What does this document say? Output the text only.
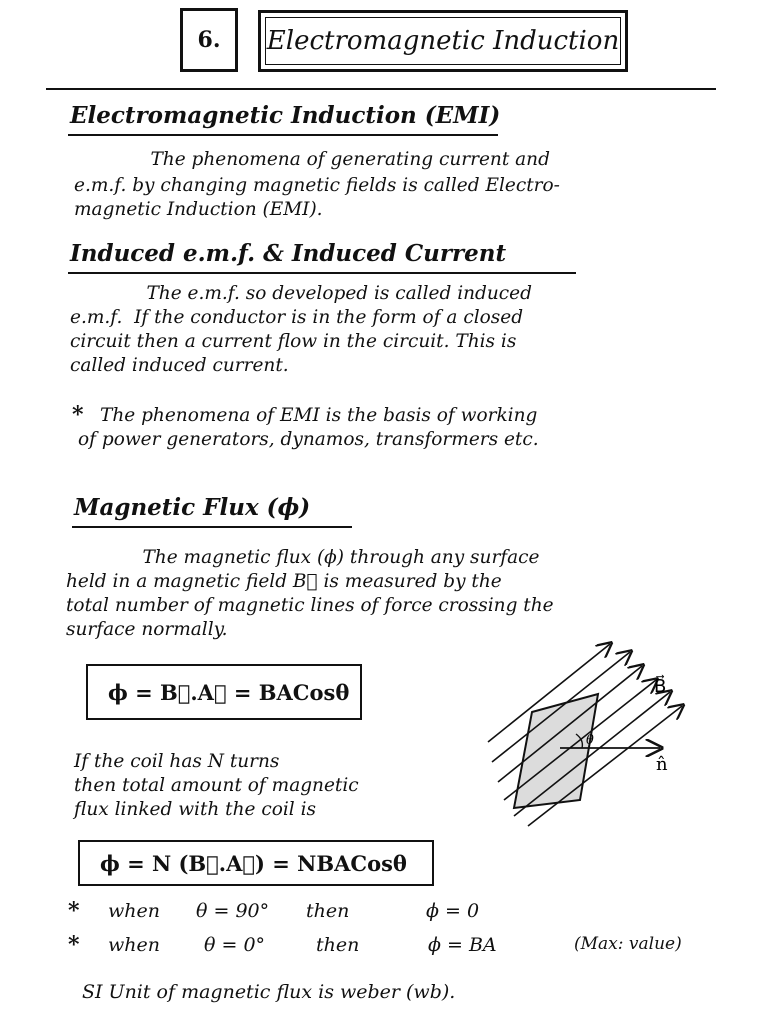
6. Electromagnetic Induction
Electromagnetic Induction (EMI)
The phenomena of generating current and
e.m.f. by changing magnetic fields is called Electro-
magnetic Induction (EMI).
Induced e.m.f. & Induced Current
The e.m.f. so developed is called induced
e.m.f.  If the conductor is in the form of a closed
circuit then a current flow in the circuit. This is
called induced current.
* The phenomena of EMI is the basis of working
of power generators, dynamos, transformers etc.
Magnetic Flux (ϕ)
The magnetic flux (ϕ) through any surface
held in a magnetic field B⃗ is measured by the
total number of magnetic lines of force crossing the
surface normally.
ϕ = B⃗.A⃗ = BACosθ
θ
B⃗
n̂
If the coil has N turns
then total amount of magnetic
flux linked with the coil is
ϕ = N (B⃗.A⃗) = NBACosθ
* when θ = 90° then	ϕ = 0
* when θ = 0°	then	ϕ = BA	(Max: value)
SI Unit of magnetic flux is weber (wb).
